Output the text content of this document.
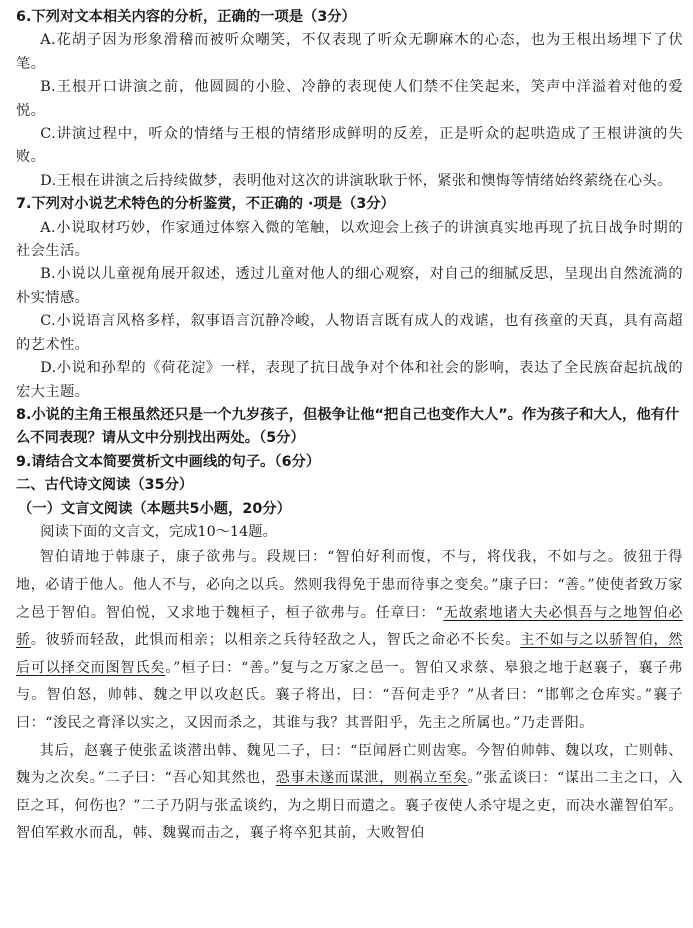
6.下列对文本相关内容的分析，正确的一项是（3分）

A.花胡子因为形象滑稽而被听众嘲笑，不仅表现了听众无聊麻木的心态，也为王根出场埋下了伏笔。

B.王根开口讲演之前，他圆圆的小脸、冷静的表现使人们禁不住笑起来，笑声中洋溢着对他的爱悦。

C.讲演过程中，听众的情绪与王根的情绪形成鲜明的反差，正是听众的起哄造成了王根讲演的失败。

D.王根在讲演之后持续做梦，表明他对这次的讲演耿耿于怀，紧张和懊悔等情绪始终萦绕在心头。

7.下列对小说艺术特色的分析鉴赏，不正确的 ·项是（3分）

A.小说取材巧妙，作家通过体察入微的笔触，以欢迎会上孩子的讲演真实地再现了抗日战争时期的社会生活。

B.小说以儿童视角展开叙述，透过儿童对他人的细心观察，对自己的细腻反思，呈现出自然流淌的朴实情感。

C.小说语言风格多样，叙事语言沉静冷峻，人物语言既有成人的戏谑，也有孩童的天真，具有高超的艺术性。

D.小说和孙犁的《荷花淀》一样，表现了抗日战争对个体和社会的影响，表达了全民族奋起抗战的宏大主题。

8.小说的主角王根虽然还只是一个九岁孩子，但极争让他“把自己也变作大人”。作为孩子和大人，他有什么不同表现？请从文中分别找出两处。（5分）

9.请结合文本简要赏析文中画线的句子。（6分）

二、古代诗文阅读（35分）

（一）文言文阅读（本题共5小题，20分）

阅读下面的文言文，完成10～14题。

智伯请地于韩康子，康子欲弗与。段规曰：“智伯好利而愎，不与，将伐我，不如与之。彼狃于得地，必请于他人。他人不与，必向之以兵。然则我得免于患而待事之变矣。”康子曰：“善。”使使者致万家之邑于智伯。智伯悦，又求地于魏桓子，桓子欲弗与。任章曰：“无故索地诸大夫必惧吾与之地智伯必骄。彼骄而轻敌，此惧而相亲；以相亲之兵待轻敌之人，智氏之命必不长矣。主不如与之以骄智伯，然后可以择交而图智氏矣。”桓子曰：“善。”复与之万家之邑一。智伯又求蔡、皋狼之地于赵襄子，襄子弗与。智伯怒，帅韩、魏之甲以攻赵氏。襄子将出，曰：“吾何走乎？”从者曰：“邯郸之仓库实。”襄子曰：“浚民之膏泽以实之，又因而杀之，其谁与我？其晋阳乎，先主之所属也。”乃走晋阳。

其后，赵襄子使张孟谈潜出韩、魏见二子，曰：“臣闻唇亡则齿寒。今智伯帅韩、魏以攻，亡则韩、魏为之次矣。”二子曰：“吾心知其然也，恐事未遂而谋泄，则祸立至矣。”张孟谈曰：“谋出二主之口，入臣之耳，何伤也？”二子乃阴与张孟谈约，为之期日而遣之。襄子夜使人杀守堤之吏，而决水灌智伯军。智伯军救水而乱，韩、魏翼而击之，襄子将卒犯其前，大败智伯
